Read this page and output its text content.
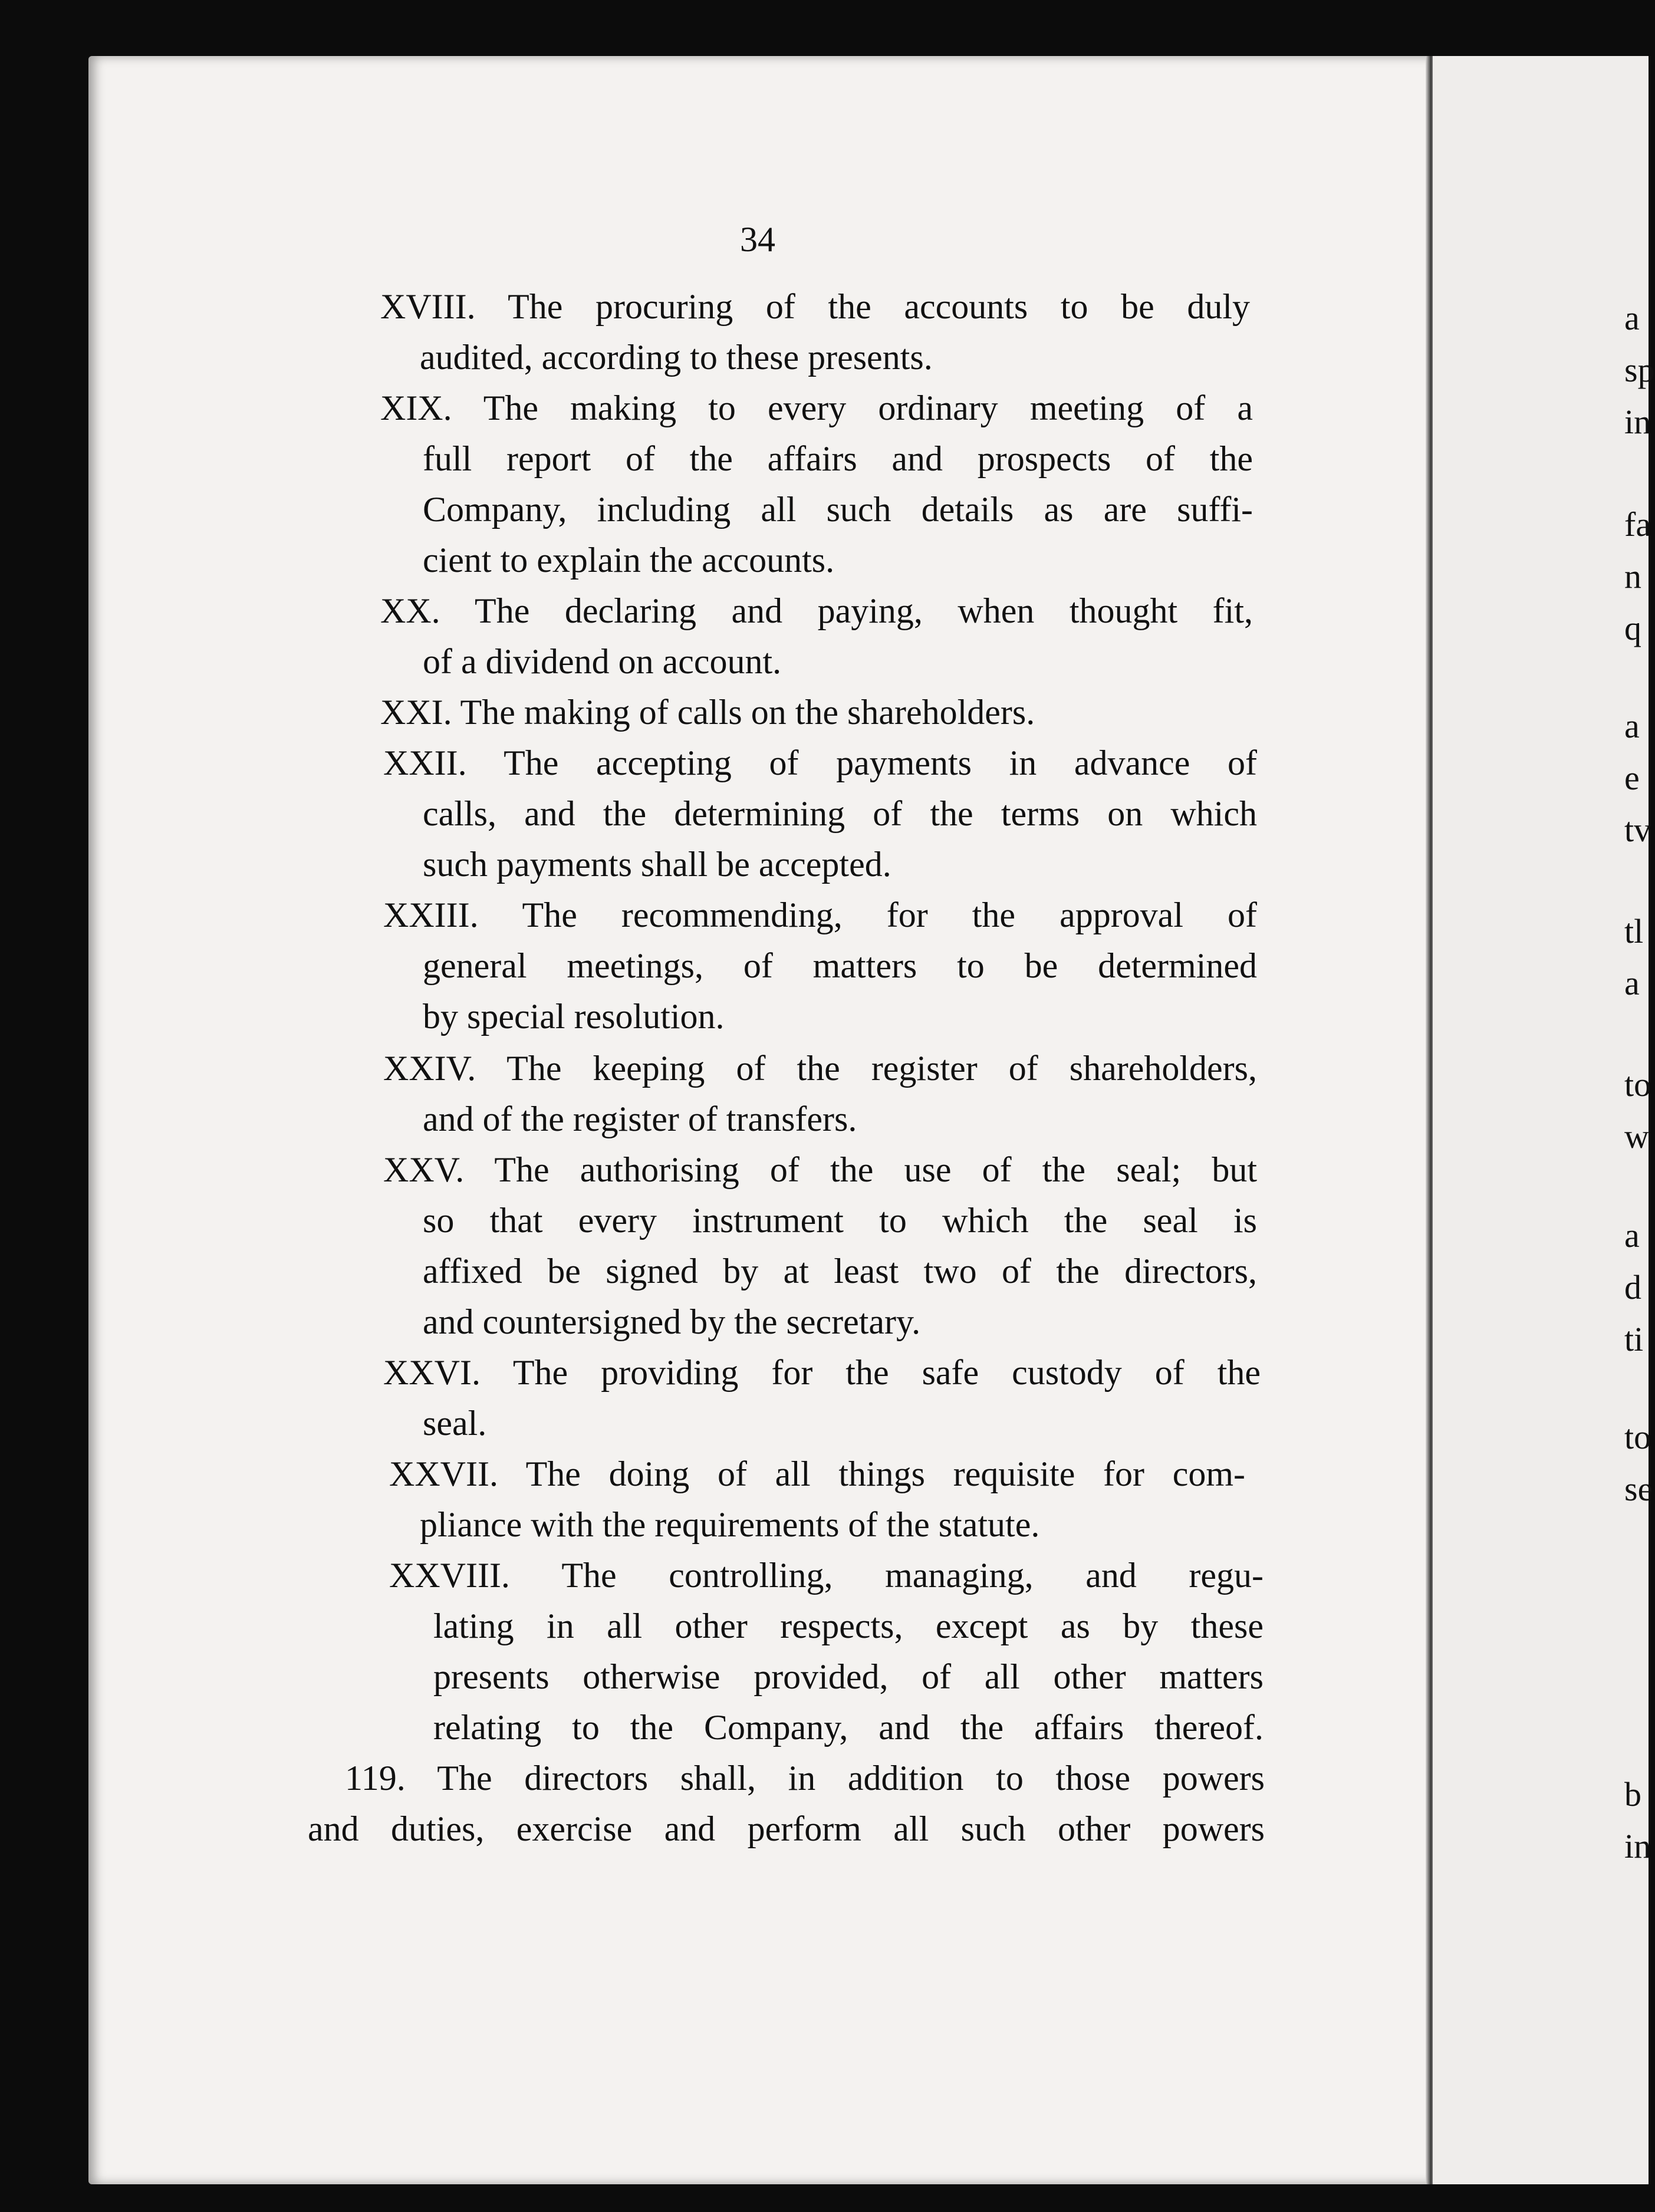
34
XVIII. The procuring of the accounts to be duly
audited, according to these presents.
XIX. The making to every ordinary meeting of a
full report of the affairs and prospects of the
Company, including all such details as are suffi-
cient to explain the accounts.
XX. The declaring and paying, when thought fit,
of a dividend on account.
XXI. The making of calls on the shareholders.
XXII. The accepting of payments in advance of
calls, and the determining of the terms on which
such payments shall be accepted.
XXIII. The recommending, for the approval of
general meetings, of matters to be determined
by special resolution.
XXIV. The keeping of the register of shareholders,
and of the register of transfers.
XXV. The authorising of the use of the seal; but
so that every instrument to which the seal is
affixed be signed by at least two of the directors,
and countersigned by the secretary.
XXVI. The providing for the safe custody of the
seal.
XXVII. The doing of all things requisite for com-
pliance with the requirements of the statute.
XXVIII. The controlling, managing, and regu-
lating in all other respects, except as by these
presents otherwise provided, of all other matters
relating to the Company, and the affairs thereof.
119. The directors shall, in addition to those powers
and duties, exercise and perform all such other powers
a
sp
in
fa
n
q
a
e
tv
tl
a
to
w
a
d
ti
to
se
b
in
